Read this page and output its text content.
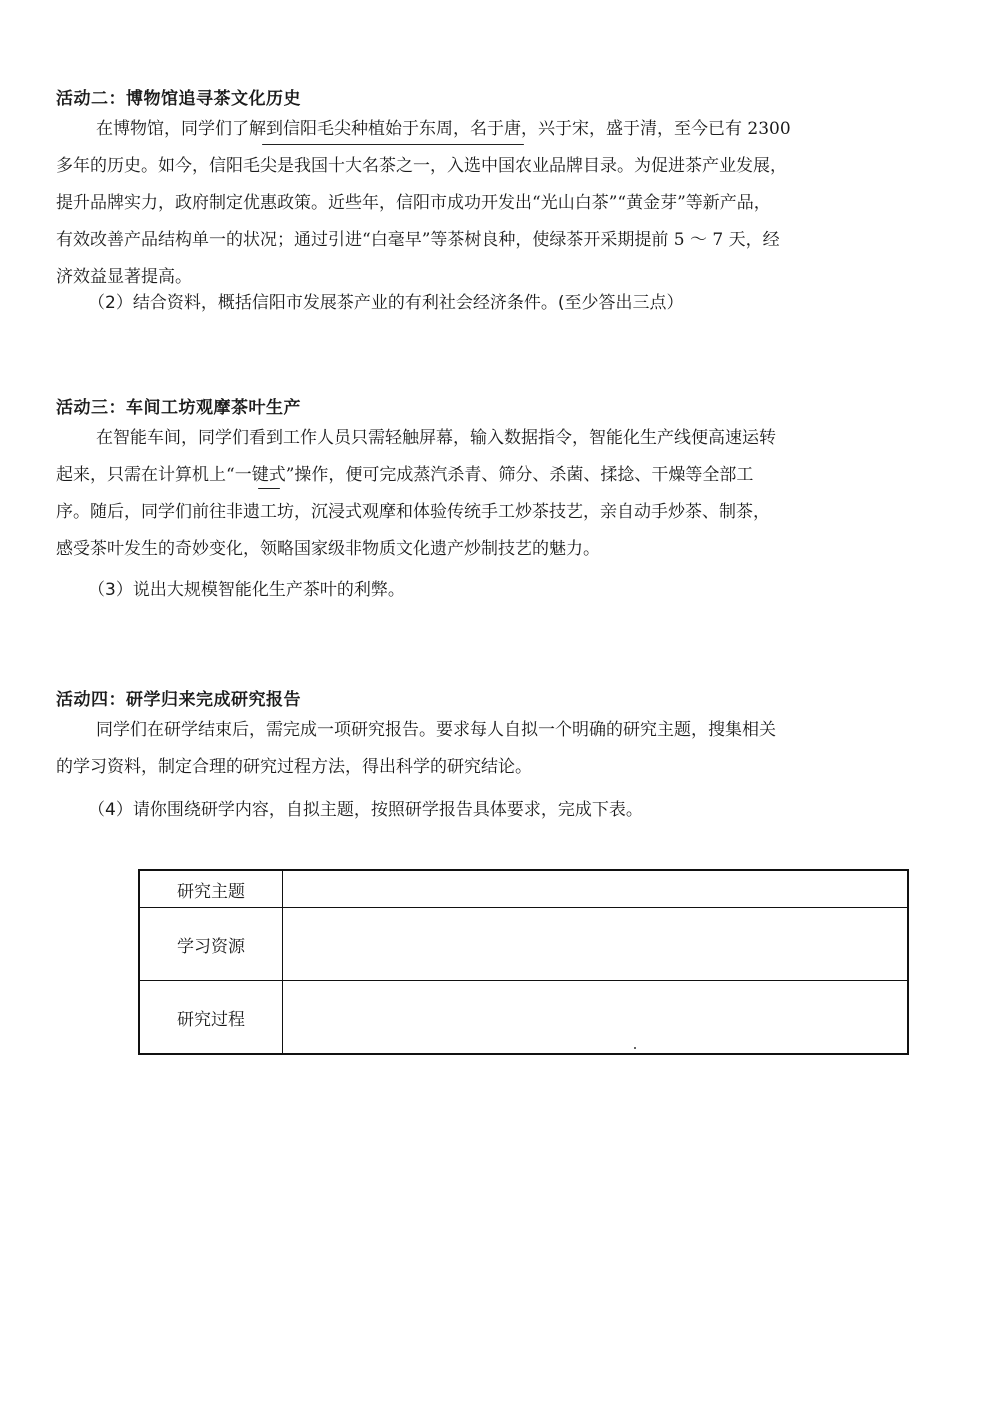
活动二：博物馆追寻茶文化历史
在博物馆，同学们了解到信阳毛尖种植始于东周，名于唐，兴于宋，盛于清，至今已有 2300
多年的历史。如今，信阳毛尖是我国十大名茶之一，入选中国农业品牌目录。为促进茶产业发展，
提升品牌实力，政府制定优惠政策。近些年，信阳市成功开发出“光山白茶”“黄金芽”等新产品，
有效改善产品结构单一的状况；通过引进“白毫早”等茶树良种，使绿茶开采期提前 5 ～ 7 天，经
济效益显著提高。
（2）结合资料，概括信阳市发展茶产业的有利社会经济条件。(至少答出三点）
活动三：车间工坊观摩茶叶生产
在智能车间，同学们看到工作人员只需轻触屏幕，输入数据指令，智能化生产线便高速运转
起来，只需在计算机上“一键式”操作，便可完成蒸汽杀青、筛分、杀菌、揉捻、干燥等全部工
序。随后，同学们前往非遗工坊，沉浸式观摩和体验传统手工炒茶技艺，亲自动手炒茶、制茶，
感受茶叶发生的奇妙变化，领略国家级非物质文化遗产炒制技艺的魅力。
（3）说出大规模智能化生产茶叶的利弊。
活动四：研学归来完成研究报告
同学们在研学结束后，需完成一项研究报告。要求每人自拟一个明确的研究主题，搜集相关
的学习资料，制定合理的研究过程方法，得出科学的研究结论。
（4）请你围绕研学内容，自拟主题，按照研学报告具体要求，完成下表。
研究主题	
学习资源	
研究过程	
